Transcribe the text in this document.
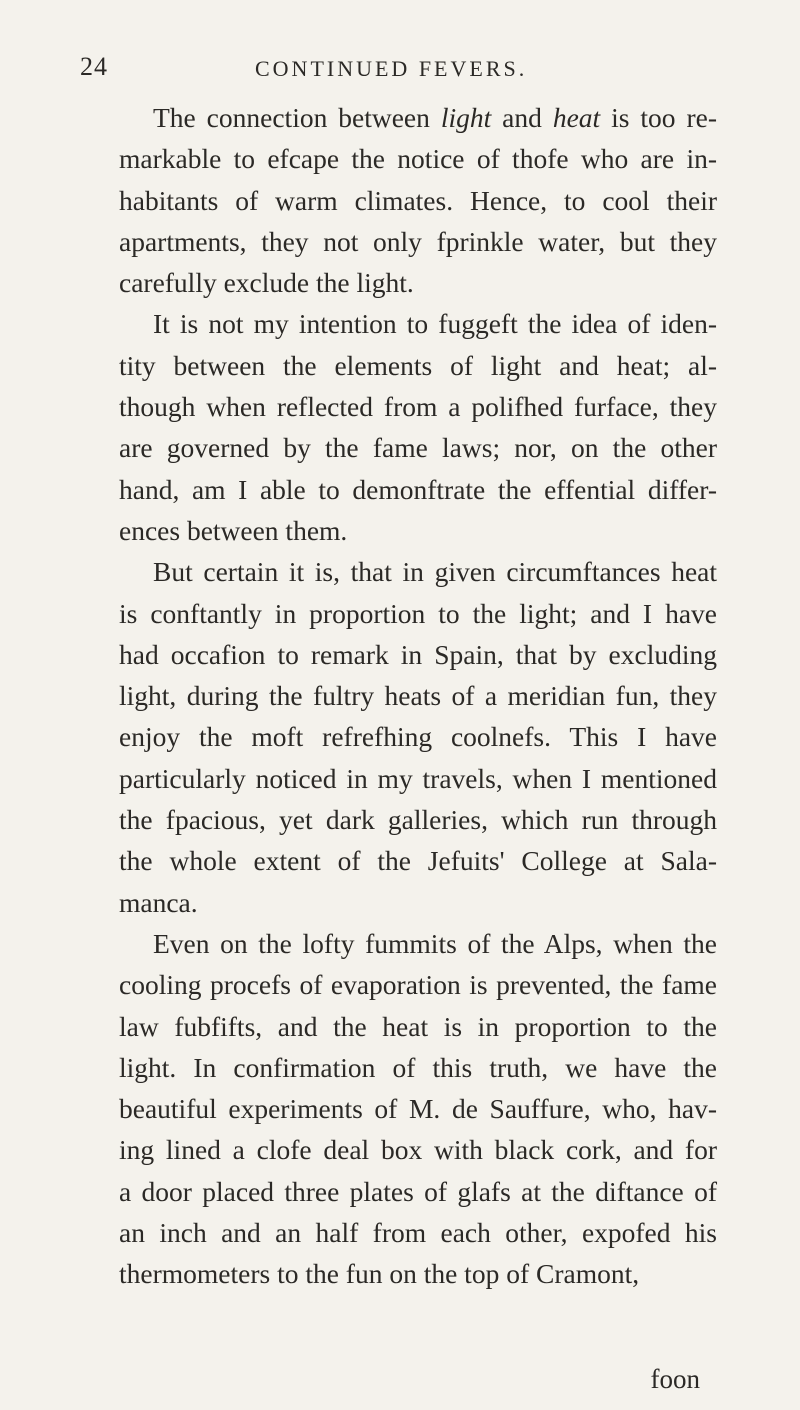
24	CONTINUED FEVERS.

The connection between light and heat is too re-
markable to efcape the notice of thofe who are in-
habitants of warm climates. Hence, to cool their
apartments, they not only fprinkle water, but they
carefully exclude the light.

It is not my intention to fuggeft the idea of iden-
tity between the elements of light and heat; al-
though when reflected from a polifhed furface, they
are governed by the fame laws; nor, on the other
hand, am I able to demonftrate the effential differ-
ences between them.

But certain it is, that in given circumftances heat
is conftantly in proportion to the light; and I have
had occafion to remark in Spain, that by excluding
light, during the fultry heats of a meridian fun, they
enjoy the moft refrefhing coolnefs. This I have
particularly noticed in my travels, when I mentioned
the fpacious, yet dark galleries, which run through
the whole extent of the Jefuits' College at Sala-
manca.

Even on the lofty fummits of the Alps, when the
cooling procefs of evaporation is prevented, the fame
law fubfifts, and the heat is in proportion to the
light. In confirmation of this truth, we have the
beautiful experiments of M. de Sauffure, who, hav-
ing lined a clofe deal box with black cork, and for
a door placed three plates of glafs at the diftance of
an inch and an half from each other, expofed his
thermometers to the fun on the top of Cramont,

foon
